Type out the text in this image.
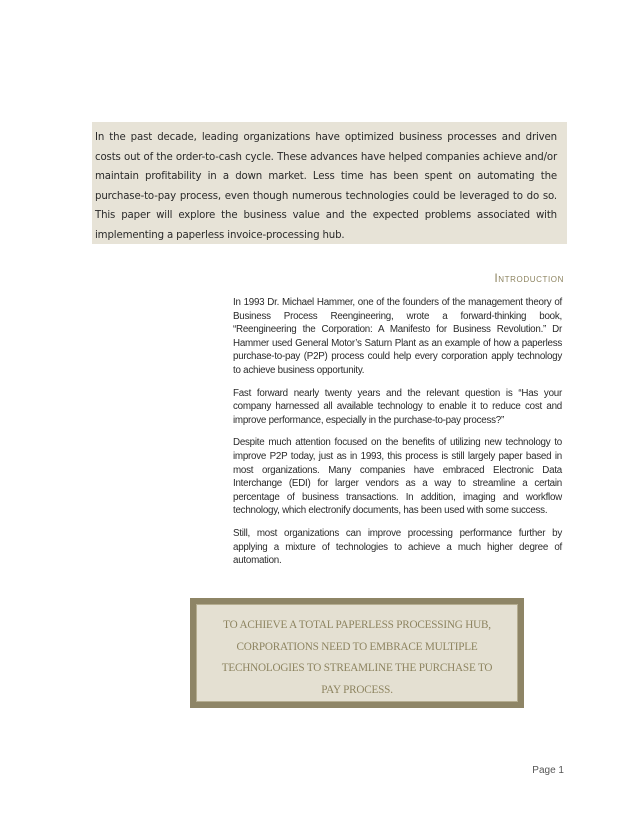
In the past decade, leading organizations have optimized business processes and driven costs out of the order-to-cash cycle. These advances have helped companies achieve and/or maintain profitability in a down market. Less time has been spent on automating the purchase-to-pay process, even though numerous technologies could be leveraged to do so. This paper will explore the business value and the expected problems associated with implementing a paperless invoice-processing hub.

Introduction

In 1993 Dr. Michael Hammer, one of the founders of the management theory of Business Process Reengineering, wrote a forward-thinking book, “Reengineering the Corporation: A Manifesto for Business Revolution.” Dr Hammer used General Motor’s Saturn Plant as an example of how a paperless purchase-to-pay (P2P) process could help every corporation apply technology to achieve business opportunity.

Fast forward nearly twenty years and the relevant question is “Has your company harnessed all available technology to enable it to reduce cost and improve performance, especially in the purchase-to-pay process?”

Despite much attention focused on the benefits of utilizing new technology to improve P2P today, just as in 1993, this process is still largely paper based in most organizations. Many companies have embraced Electronic Data Interchange (EDI) for larger vendors as a way to streamline a certain percentage of business transactions. In addition, imaging and workflow technology, which electronify documents, has been used with some success.

Still, most organizations can improve processing performance further by applying a mixture of technologies to achieve a much higher degree of automation.

TO ACHIEVE A TOTAL PAPERLESS PROCESSING HUB, CORPORATIONS NEED TO EMBRACE MULTIPLE TECHNOLOGIES TO STREAMLINE THE PURCHASE TO PAY PROCESS.

Page 1
